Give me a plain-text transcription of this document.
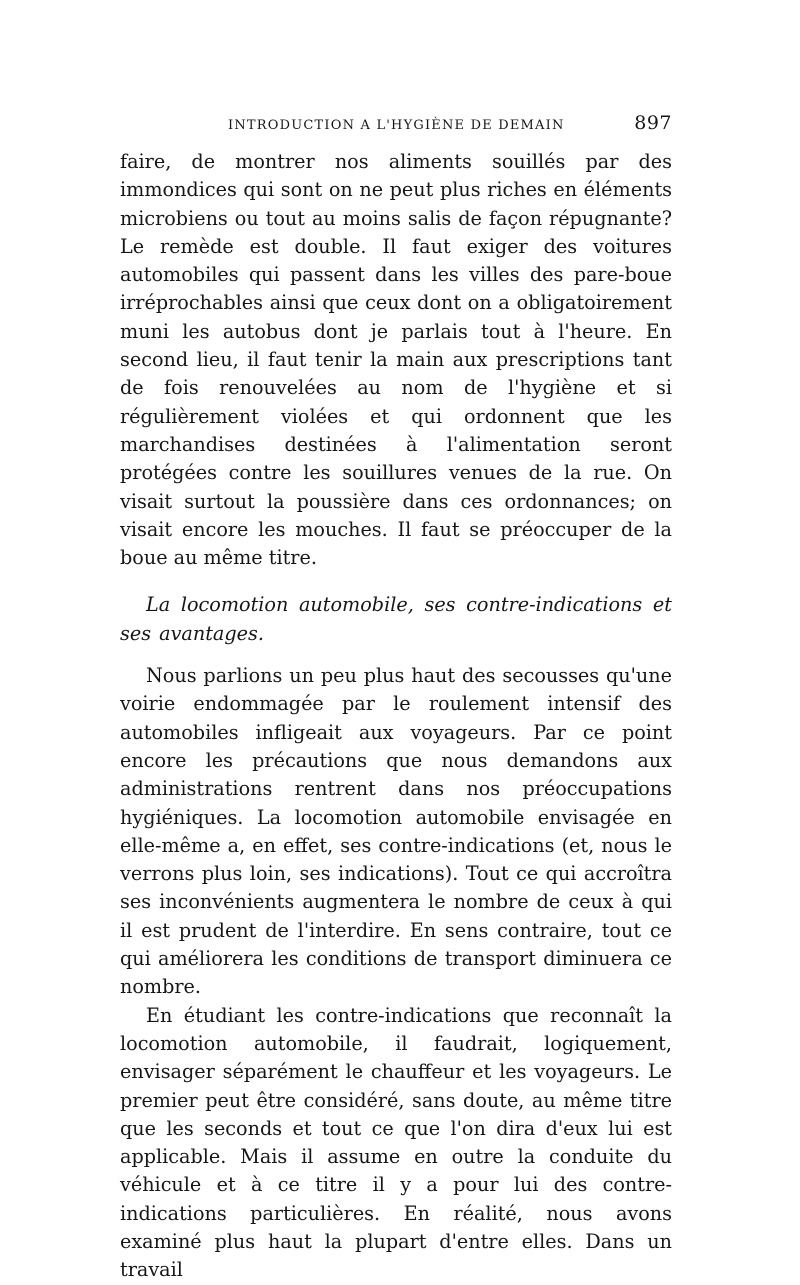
INTRODUCTION A L'HYGIÈNE DE DEMAIN	897

faire, de montrer nos aliments souillés par des immondices qui sont on ne peut plus riches en éléments microbiens ou tout au moins salis de façon répugnante? Le remède est double. Il faut exiger des voitures automobiles qui passent dans les villes des pare-boue irréprochables ainsi que ceux dont on a obligatoirement muni les autobus dont je parlais tout à l'heure. En second lieu, il faut tenir la main aux prescriptions tant de fois renouvelées au nom de l'hygiène et si régulièrement violées et qui ordonnent que les marchandises destinées à l'alimentation seront protégées contre les souillures venues de la rue. On visait surtout la poussière dans ces ordonnances; on visait encore les mouches. Il faut se préoccuper de la boue au même titre.

La locomotion automobile, ses contre-indications et ses avantages.

Nous parlions un peu plus haut des secousses qu'une voirie endommagée par le roulement intensif des automobiles infligeait aux voyageurs. Par ce point encore les précautions que nous demandons aux administrations rentrent dans nos préoccupations hygiéniques. La locomotion automobile envisagée en elle-même a, en effet, ses contre-indications (et, nous le verrons plus loin, ses indications). Tout ce qui accroîtra ses inconvénients augmentera le nombre de ceux à qui il est prudent de l'interdire. En sens contraire, tout ce qui améliorera les conditions de transport diminuera ce nombre.

En étudiant les contre-indications que reconnaît la locomotion automobile, il faudrait, logiquement, envisager séparément le chauffeur et les voyageurs. Le premier peut être considéré, sans doute, au même titre que les seconds et tout ce que l'on dira d'eux lui est applicable. Mais il assume en outre la conduite du véhicule et à ce titre il y a pour lui des contre-indications particulières. En réalité, nous avons examiné plus haut la plupart d'entre elles. Dans un travail
